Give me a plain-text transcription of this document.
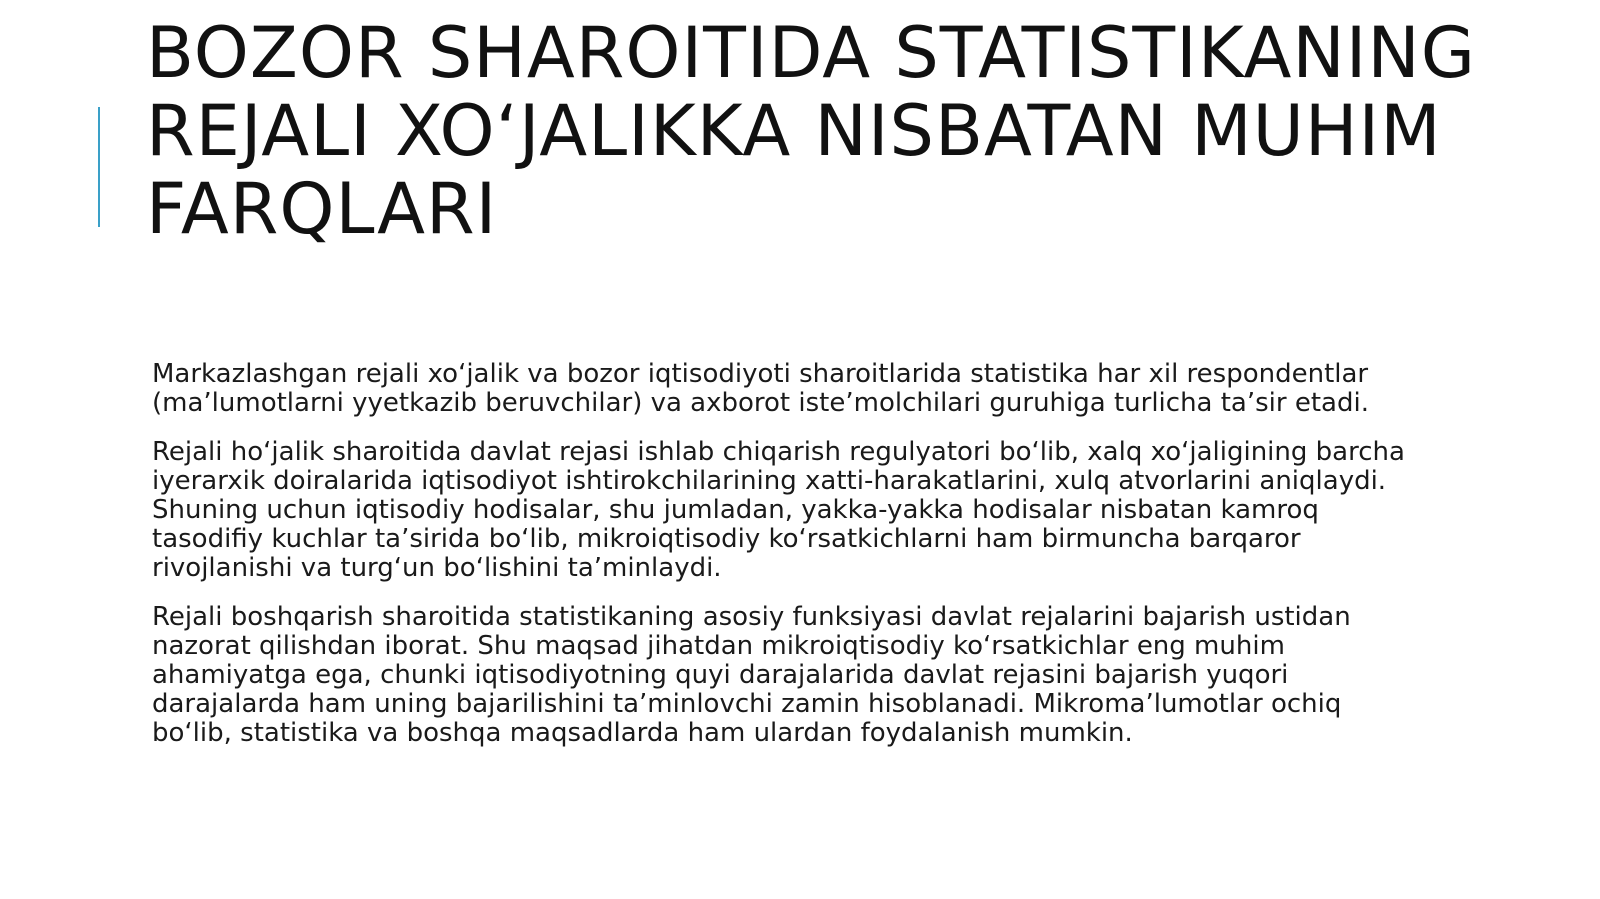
BOZOR SHAROITIDA STATISTIKANING REJALI XO‘JALIKKA NISBATAN MUHIM FARQLARI

Markazlashgan rejali xo‘jalik va bozor iqtisodiyoti sharoitlarida statistika har xil respondentlar (ma’lumotlarni yyetkazib beruvchilar) va axborot iste’molchilari guruhiga turlicha ta’sir etadi.

Rejali ho‘jalik sharoitida davlat rejasi ishlab chiqarish regulyatori bo‘lib, xalq xo‘jaligining barcha iyerarxik doiralarida iqtisodiyot ishtirokchilarining xatti-harakatlarini, xulq atvorlarini aniqlaydi. Shuning uchun iqtisodiy hodisalar, shu jumladan, yakka-yakka hodisalar nisbatan kamroq tasodifiy kuchlar ta’sirida bo‘lib, mikroiqtisodiy ko‘rsatkichlarni ham birmuncha barqaror rivojlanishi va turg‘un bo‘lishini ta’minlaydi.

Rejali boshqarish sharoitida statistikaning asosiy funksiyasi davlat rejalarini bajarish ustidan nazorat qilishdan iborat. Shu maqsad jihatdan mikroiqtisodiy ko‘rsatkichlar eng muhim ahamiyatga ega, chunki iqtisodiyotning quyi darajalarida davlat rejasini bajarish yuqori darajalarda ham uning bajarilishini ta’minlovchi zamin hisoblanadi. Mikroma’lumotlar ochiq bo‘lib, statistika va boshqa maqsadlarda ham ulardan foydalanish mumkin.
